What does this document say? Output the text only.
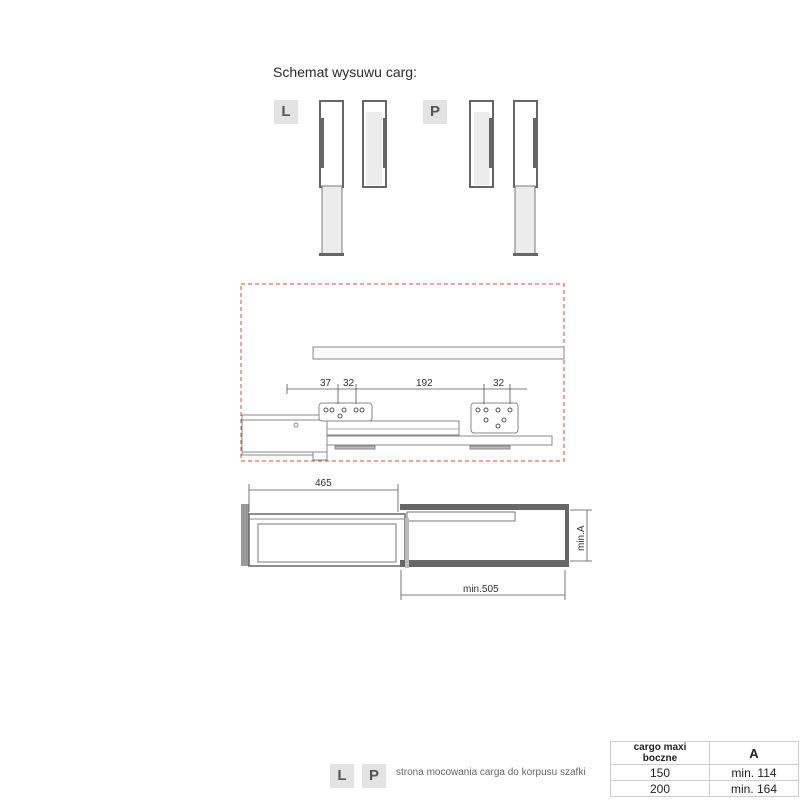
Schemat wysuwu carg:
L	P
37 32	192	32
465
min.505
min.A
L	P	strona mocowania carga do korpusu szafki
cargo maxi boczne	A
150	min. 114
200	min. 164
